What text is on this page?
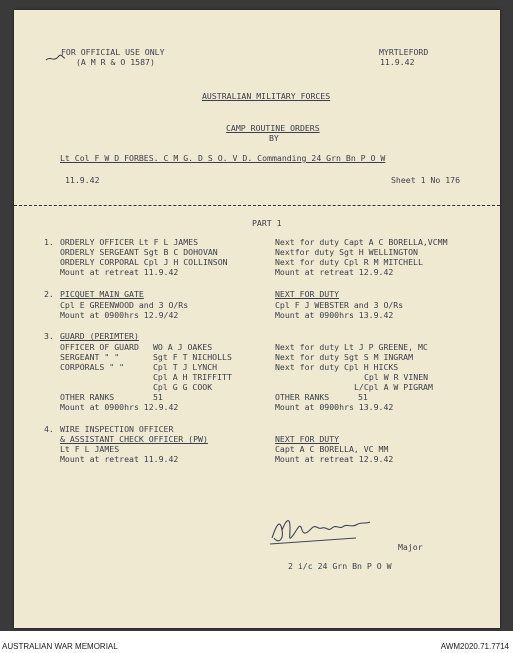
FOR OFFICIAL USE ONLY
(A M R & O 1587)
MYRTLEFORD
11.9.42
AUSTRALIAN MILITARY FORCES
CAMP ROUTINE ORDERS
BY
Lt Col F W D FORBES. C M G. D S O. V D. Commanding 24 Grn Bn P O W
11.9.42	Sheet 1 No 176
PART 1
1. ORDERLY OFFICER Lt F L JAMES	Next for duty Capt A C BORELLA,VCMM
ORDERLY SERGEANT Sgt B C DOHOVAN	Nextfor duty Sgt H WELLINGTON
ORDERLY CORPORAL Cpl J H COLLINSON	Next for duty Cpl R M MITCHELL
Mount at retreat 11.9.42	Mount at retreat 12.9.42
2. PICQUET MAIN GATE	NEXT FOR DUTY
Cpl E GREENWOOD and 3 O/Rs	Cpl F J WEBSTER and 3 O/Rs
Mount at 0900hrs 12.9/42	Mount at 0900hrs 13.9.42
3. GUARD (PERIMTER)
OFFICER OF GUARD WO A J OAKES	Next for duty Lt J P GREENE, MC
SERGEANT " "	Sgt F T NICHOLLS	Next for duty Sgt S M INGRAM
CORPORALS " "	Cpl T J LYNCH	Next for duty Cpl H HICKS
Cpl A H TRIFFITT	Cpl W R VINEN
Cpl G G COOK	L/Cpl A W PIGRAM
OTHER RANKS	51	OTHER RANKS	51
Mount at 0900hrs 12.9.42	Mount at 0900hrs 13.9.42
4. WIRE INSPECTION OFFICER
& ASSISTANT CHECK OFFICER (PW)	NEXT FOR DUTY
Lt F L JAMES	Capt A C BORELLA, VC MM
Mount at retreat 11.9.42	Mount at retreat 12.9.42
Major
2 i/c 24 Grn Bn P O W
AUSTRALIAN WAR MEMORIAL	AWM2020.71.7714
